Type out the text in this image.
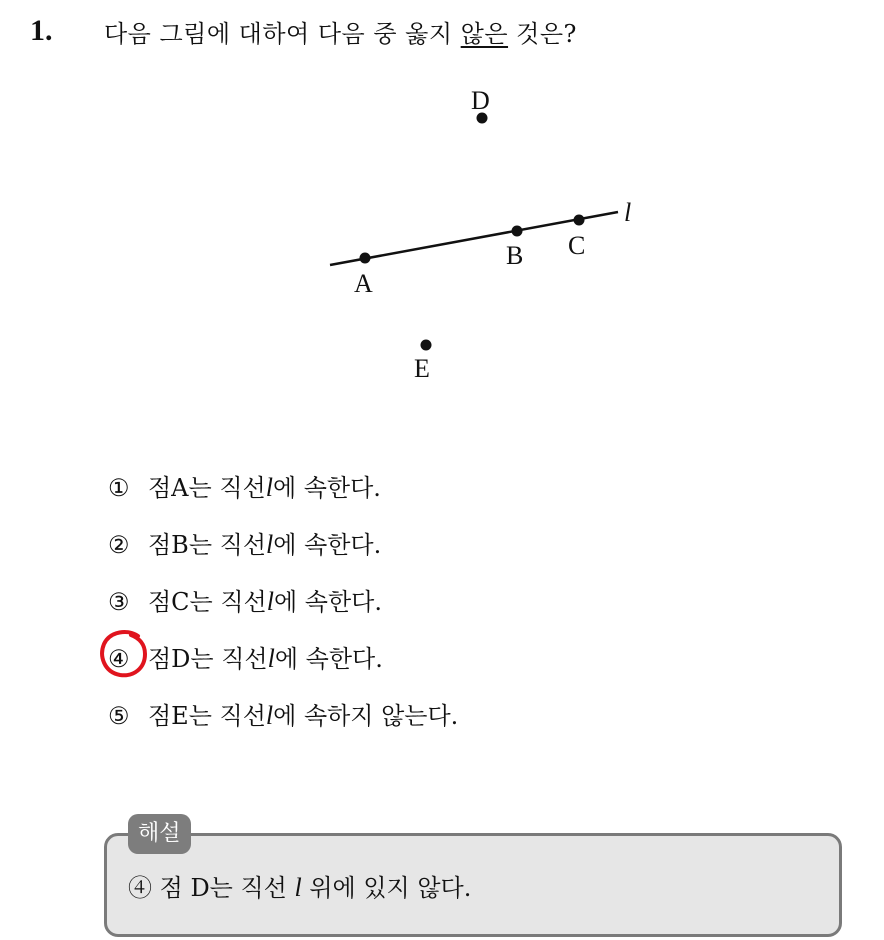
1. 다음 그림에 대하여 다음 중 옳지 않은 것은?
l
A
B C
D
E
① 점A는 직선l에 속한다.
② 점B는 직선l에 속한다.
③ 점C는 직선l에 속한다.
④ 점D는 직선l에 속한다.
⑤ 점E는 직선l에 속하지 않는다.
해설
④ 점 D는 직선 l 위에 있지 않다.
